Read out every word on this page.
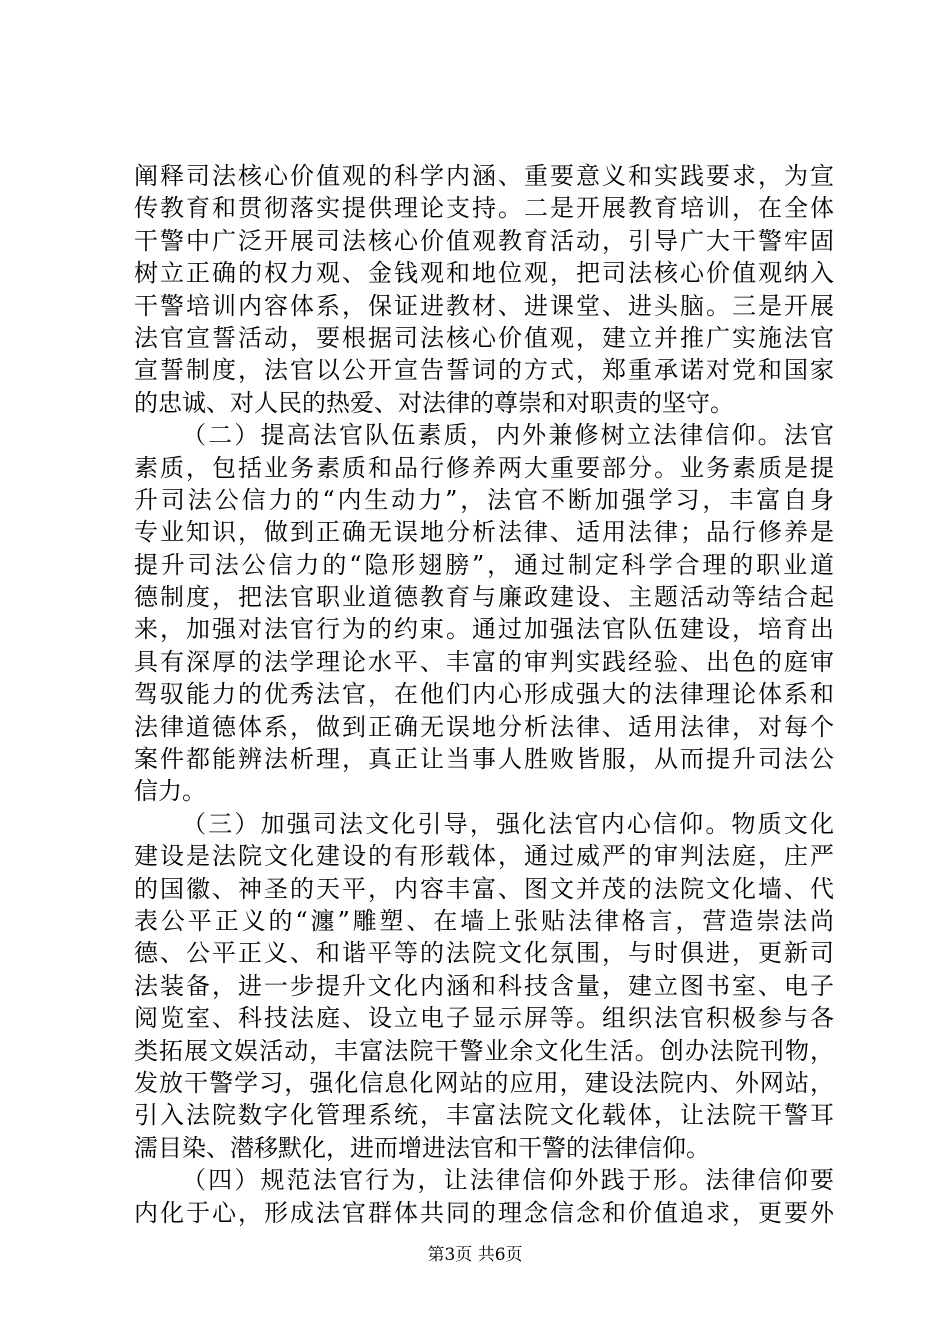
阐释司法核心价值观的科学内涵、重要意义和实践要求，为宣
传教育和贯彻落实提供理论支持。二是开展教育培训，在全体
干警中广泛开展司法核心价值观教育活动，引导广大干警牢固
树立正确的权力观、金钱观和地位观，把司法核心价值观纳入
干警培训内容体系，保证进教材、进课堂、进头脑。三是开展
法官宣誓活动，要根据司法核心价值观，建立并推广实施法官
宣誓制度，法官以公开宣告誓词的方式，郑重承诺对党和国家
的忠诚、对人民的热爱、对法律的尊崇和对职责的坚守。
（二）提高法官队伍素质，内外兼修树立法律信仰。法官
素质，包括业务素质和品行修养两大重要部分。业务素质是提
升司法公信力的“内生动力”，法官不断加强学习，丰富自身
专业知识，做到正确无误地分析法律、适用法律；品行修养是
提升司法公信力的“隐形翅膀”，通过制定科学合理的职业道
德制度，把法官职业道德教育与廉政建设、主题活动等结合起
来，加强对法官行为的约束。通过加强法官队伍建设，培育出
具有深厚的法学理论水平、丰富的审判实践经验、出色的庭审
驾驭能力的优秀法官，在他们内心形成强大的法律理论体系和
法律道德体系，做到正确无误地分析法律、适用法律，对每个
案件都能辨法析理，真正让当事人胜败皆服，从而提升司法公
信力。
（三）加强司法文化引导，强化法官内心信仰。物质文化
建设是法院文化建设的有形载体，通过威严的审判法庭，庄严
的国徽、神圣的天平，内容丰富、图文并茂的法院文化墙、代
表公平正义的“瀍”雕塑、在墙上张贴法律格言，营造崇法尚
德、公平正义、和谐平等的法院文化氛围，与时俱进，更新司
法装备，进一步提升文化内涵和科技含量，建立图书室、电子
阅览室、科技法庭、设立电子显示屏等。组织法官积极参与各
类拓展文娱活动，丰富法院干警业余文化生活。创办法院刊物，
发放干警学习，强化信息化网站的应用，建设法院内、外网站，
引入法院数字化管理系统，丰富法院文化载体，让法院干警耳
濡目染、潜移默化，进而增进法官和干警的法律信仰。
（四）规范法官行为，让法律信仰外践于形。法律信仰要
内化于心，形成法官群体共同的理念信念和价值追求，更要外
第3页 共6页
